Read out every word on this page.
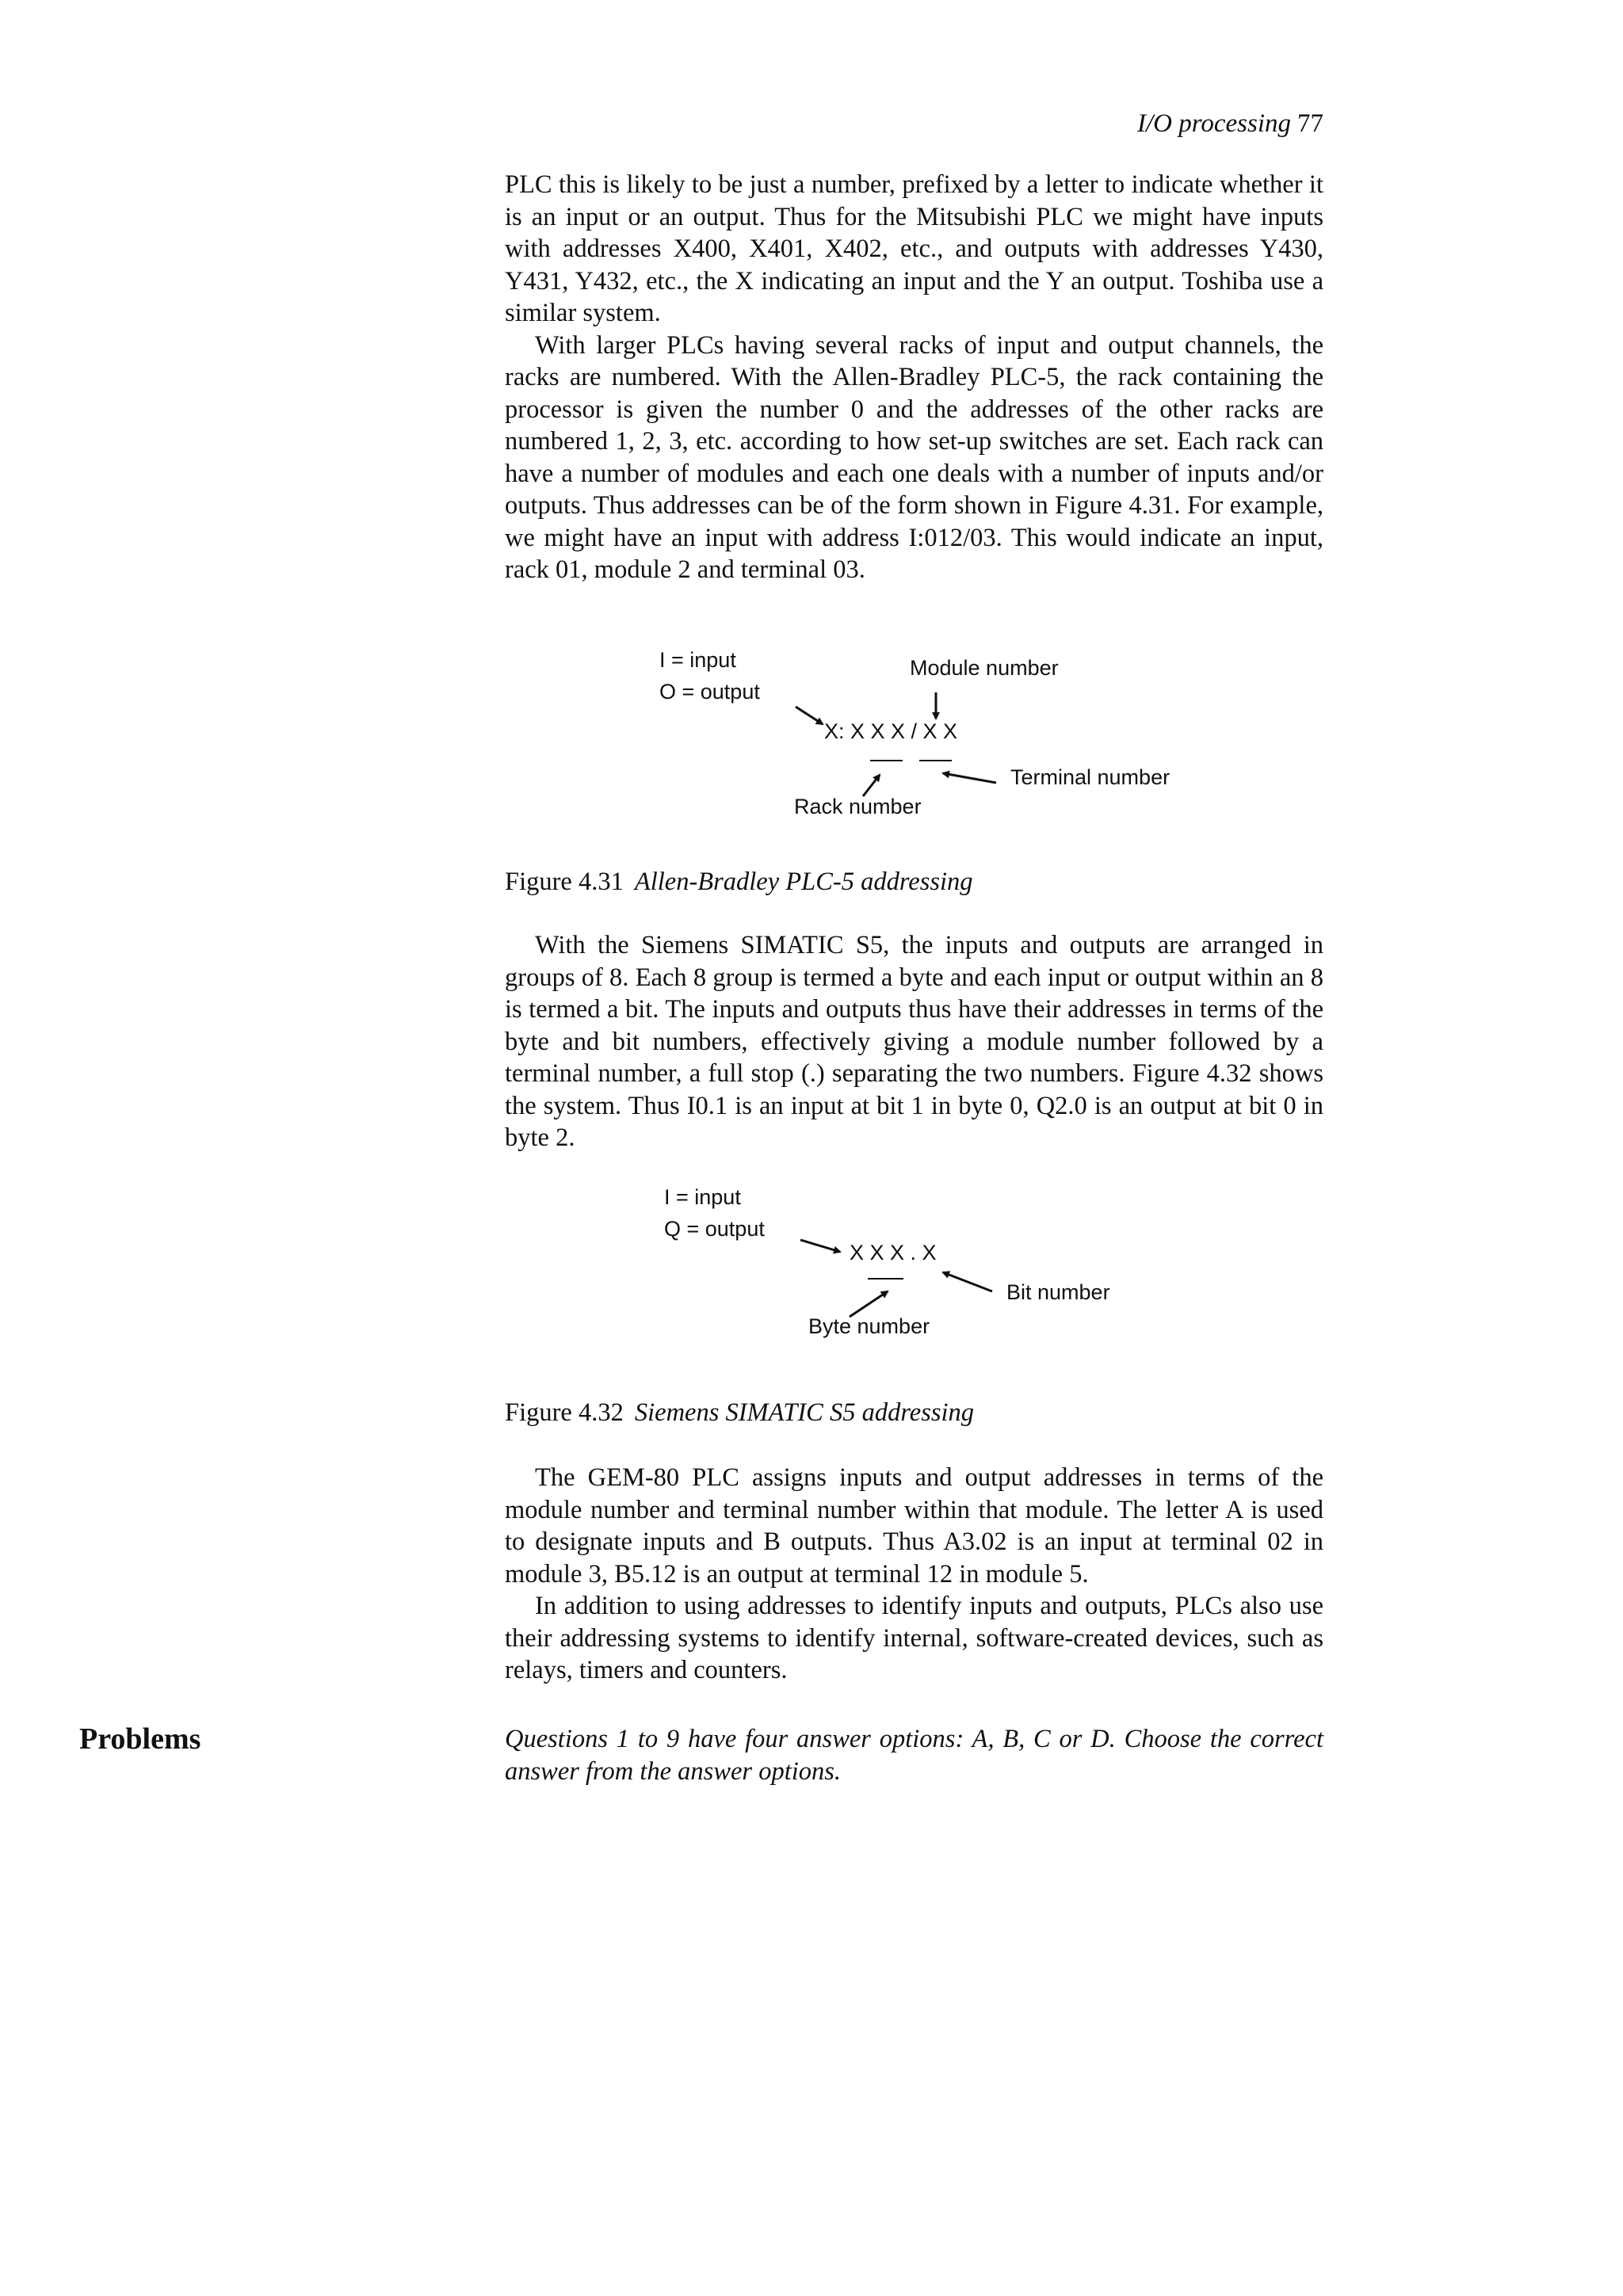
I/O processing 77

PLC this is likely to be just a number, prefixed by a letter to indicate whether it is an input or an output. Thus for the Mitsubishi PLC we might have inputs with addresses X400, X401, X402, etc., and outputs with addresses Y430, Y431, Y432, etc., the X indicating an input and the Y an output. Toshiba use a similar system.

With larger PLCs having several racks of input and output channels, the racks are numbered. With the Allen-Bradley PLC-5, the rack containing the processor is given the number 0 and the addresses of the other racks are numbered 1, 2, 3, etc. according to how set-up switches are set. Each rack can have a number of modules and each one deals with a number of inputs and/or outputs. Thus addresses can be of the form shown in Figure 4.31. For example, we might have an input with address I:012/03. This would indicate an input, rack 01, module 2 and terminal 03.

I = input
O = output
Module number
X: X X X / X X
Terminal number
Rack number
Figure 4.31 Allen-Bradley PLC-5 addressing

With the Siemens SIMATIC S5, the inputs and outputs are arranged in groups of 8. Each 8 group is termed a byte and each input or output within an 8 is termed a bit. The inputs and outputs thus have their addresses in terms of the byte and bit numbers, effectively giving a module number followed by a terminal number, a full stop (.) separating the two numbers. Figure 4.32 shows the system. Thus I0.1 is an input at bit 1 in byte 0, Q2.0 is an output at bit 0 in byte 2.

I = input
Q = output
X X X . X
Bit number
Byte number
Figure 4.32 Siemens SIMATIC S5 addressing

The GEM-80 PLC assigns inputs and output addresses in terms of the module number and terminal number within that module. The letter A is used to designate inputs and B outputs. Thus A3.02 is an input at terminal 02 in module 3, B5.12 is an output at terminal 12 in module 5.

In addition to using addresses to identify inputs and outputs, PLCs also use their addressing systems to identify internal, software-created devices, such as relays, timers and counters.

Problems	Questions 1 to 9 have four answer options: A, B, C or D. Choose the correct answer from the answer options.
